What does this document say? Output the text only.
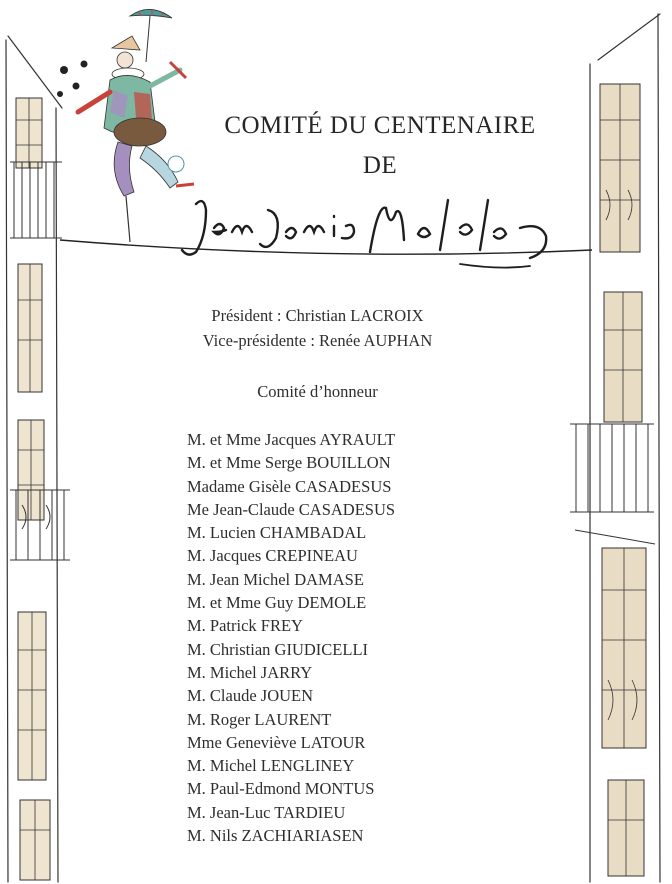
COMITÉ DU CENTENAIRE
DE
Président : Christian LACROIX
Vice-présidente : Renée AUPHAN
Comité d’honneur
M. et Mme Jacques AYRAULT
M. et Mme Serge BOUILLON
Madame Gisèle CASADESUS
Me Jean-Claude CASADESUS
M. Lucien CHAMBADAL
M. Jacques CREPINEAU
M. Jean Michel DAMASE
M. et Mme Guy DEMOLE
M. Patrick FREY
M. Christian GIUDICELLI
M. Michel JARRY
M. Claude JOUEN
M. Roger LAURENT
Mme Geneviève LATOUR
M. Michel LENGLINEY
M. Paul-Edmond MONTUS
M. Jean-Luc TARDIEU
M. Nils ZACHIARIASEN
